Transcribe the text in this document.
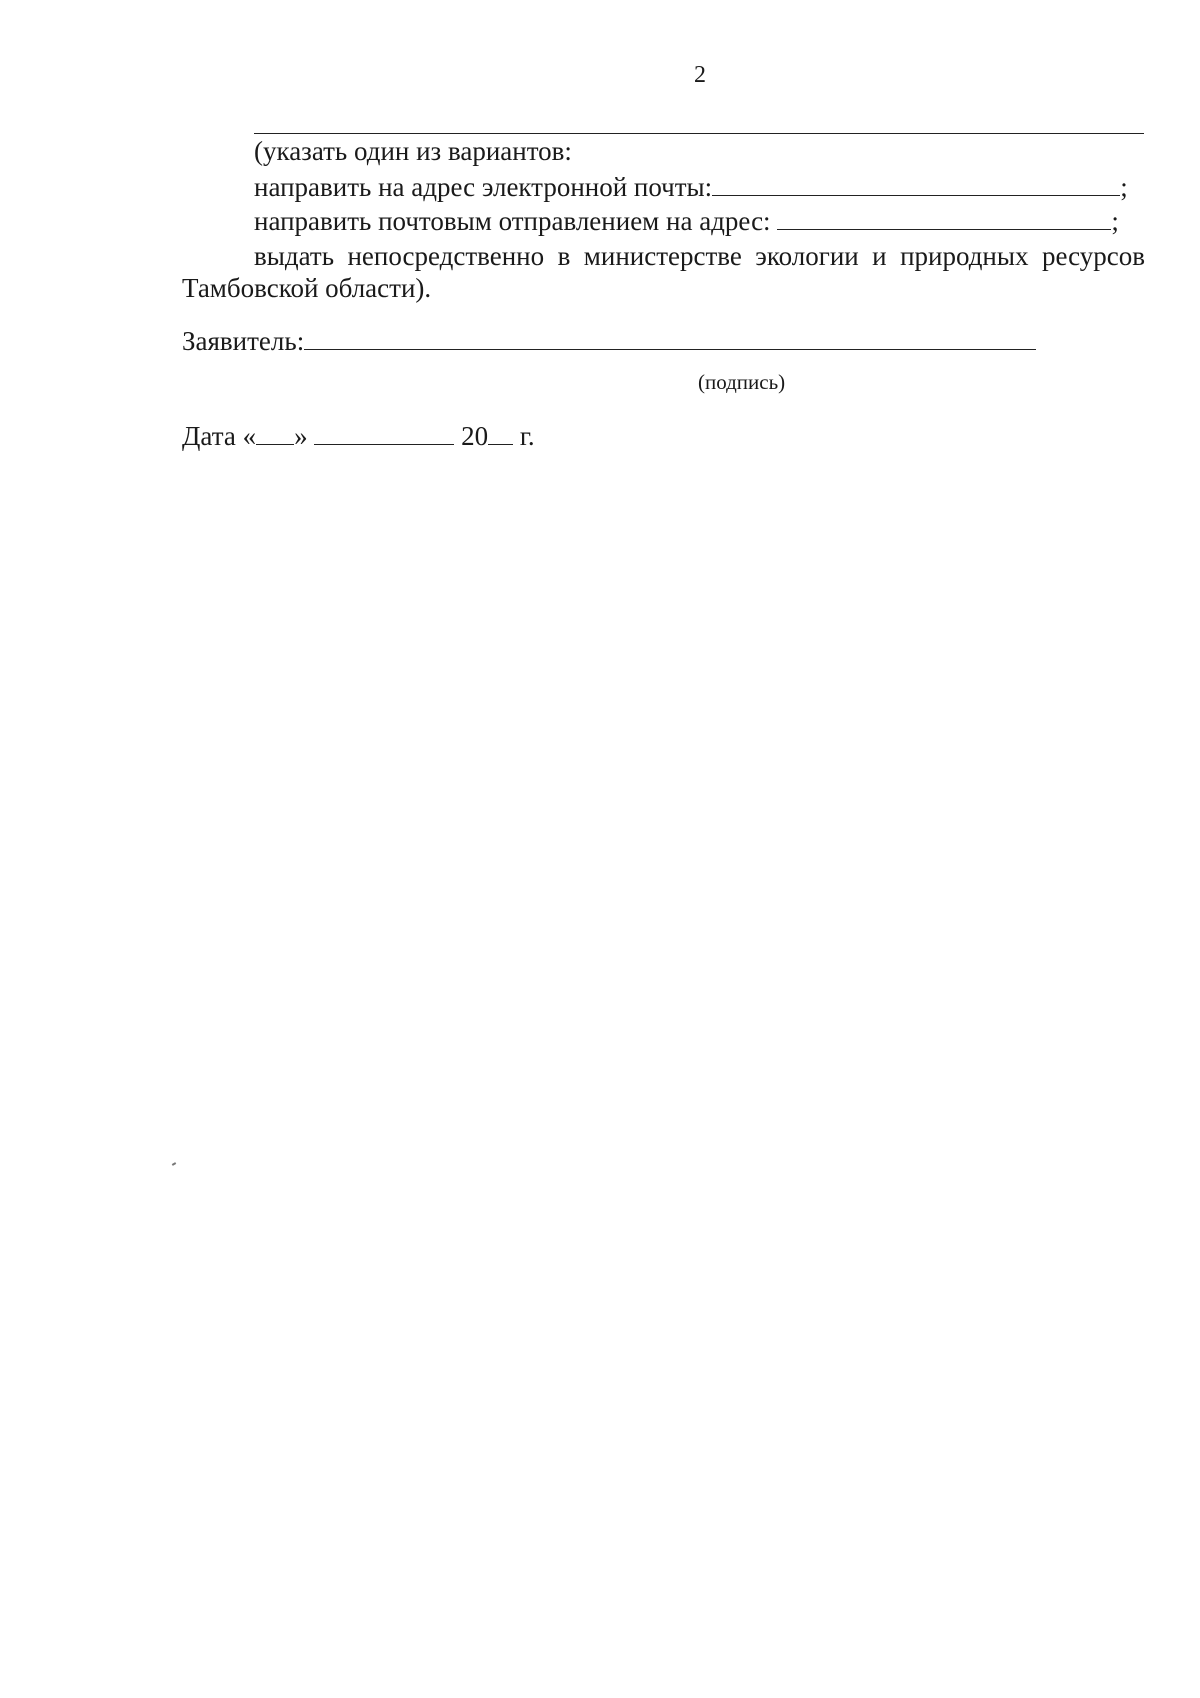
2
(указать один из вариантов:
направить на адрес электронной почты:	;
направить почтовым отправлением на адрес:	;
выдать непосредственно в министерстве экологии и природных ресурсов
Тамбовской области).
Заявитель:
(подпись)
Дата « »	20 г.
